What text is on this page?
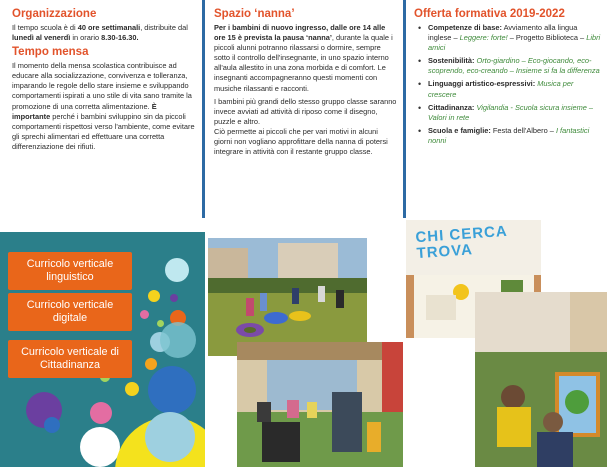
Organizzazione

Il tempo scuola è di 40 ore settimanali, distribuite dal lunedì al venerdì in orario 8.30-16.30.

Tempo mensa

Il momento della mensa scolastica contribuisce ad educare alla socializzazione, convivenza e tolleranza, imparando le regole dello stare insieme e sviluppando comportamenti ispirati a uno stile di vita sano tramite la promozione di una corretta alimentazione. È importante perché i bambini sviluppino sin da piccoli comportamenti rispettosi verso l'ambiente, come evitare gli sprechi alimentari ed effettuare una corretta differenziazione dei rifiuti.

Spazio ‘nanna’

Per i bambini di nuovo ingresso, dalle ore 14 alle ore 15 è prevista la pausa ‘nanna’, durante la quale i piccoli alunni potranno rilassarsi o dormire, sempre sotto il controllo dell'insegnante, in uno spazio interno all'aula allestito in una zona morbida e di comfort. Le insegnanti accompagneranno questi momenti con musiche rilassanti e racconti.

I bambini più grandi dello stesso gruppo classe saranno invece avviati ad attività di riposo come il disegno, puzzle e altro.

Ciò permette ai piccoli che per vari motivi in alcuni giorni non vogliano approfittare della nanna di potersi integrare in attività con il restante gruppo classe.

Offerta formativa 2019-2022
• Competenze di base: Avviamento alla lingua inglese – Leggere: forte! – Progetto Biblioteca – Libri amici
• Sostenibilità: Orto-giardino – Eco-giocando, eco-scoprendo, eco-creando – Insieme si fa la differenza
• Linguaggi artistico-espressivi: Musica per crescere
• Cittadinanza: Vigilandia - Scuola sicura insieme – Valori in rete
• Scuola e famiglie: Festa dell'Albero – I fantastici nonni
Curricolo verticale linguistico
Curricolo verticale digitale
Curricolo verticale di Cittadinanza
CHI CERCA TROVA
